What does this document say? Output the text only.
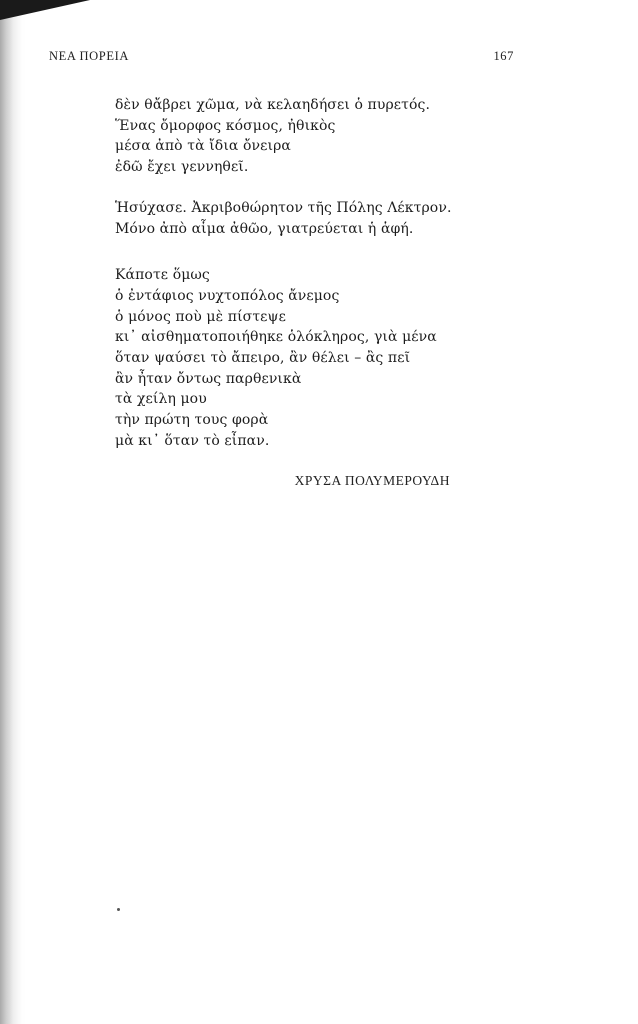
ΝΕΑ ΠΟΡΕΙΑ	167
δὲν θἄβρει χῶμα, νὰ κελαηδήσει ὁ πυρετός.
Ἕνας ὄμορφος κόσμος, ἠθικὸς
μέσα ἀπὸ τὰ ἴδια ὄνειρα
ἐδῶ ἔχει γεννηθεῖ.
Ἡσύχασε. Ἀκριβοθώρητον τῆς Πόλης Λέκτρον.
Μόνο ἀπὸ αἷμα ἀθῶο, γιατρεύεται ἡ ἁφή.
Κάποτε ὅμως
ὁ ἐντάφιος νυχτοπόλος ἄνεμος
ὁ μόνος ποὺ μὲ πίστεψε
κι᾿ αἰσθηματοποιήθηκε ὁλόκληρος, γιὰ μένα
ὅταν ψαύσει τὸ ἄπειρο, ἂν θέλει – ἂς πεῖ
ἂν ἦταν ὄντως παρθενικὰ
τὰ χείλη μου
τὴν πρώτη τους φορὰ
μὰ κι᾿ ὅταν τὸ εἶπαν.
ΧΡΥΣΑ ΠΟΛΥΜΕΡΟΥΔΗ
